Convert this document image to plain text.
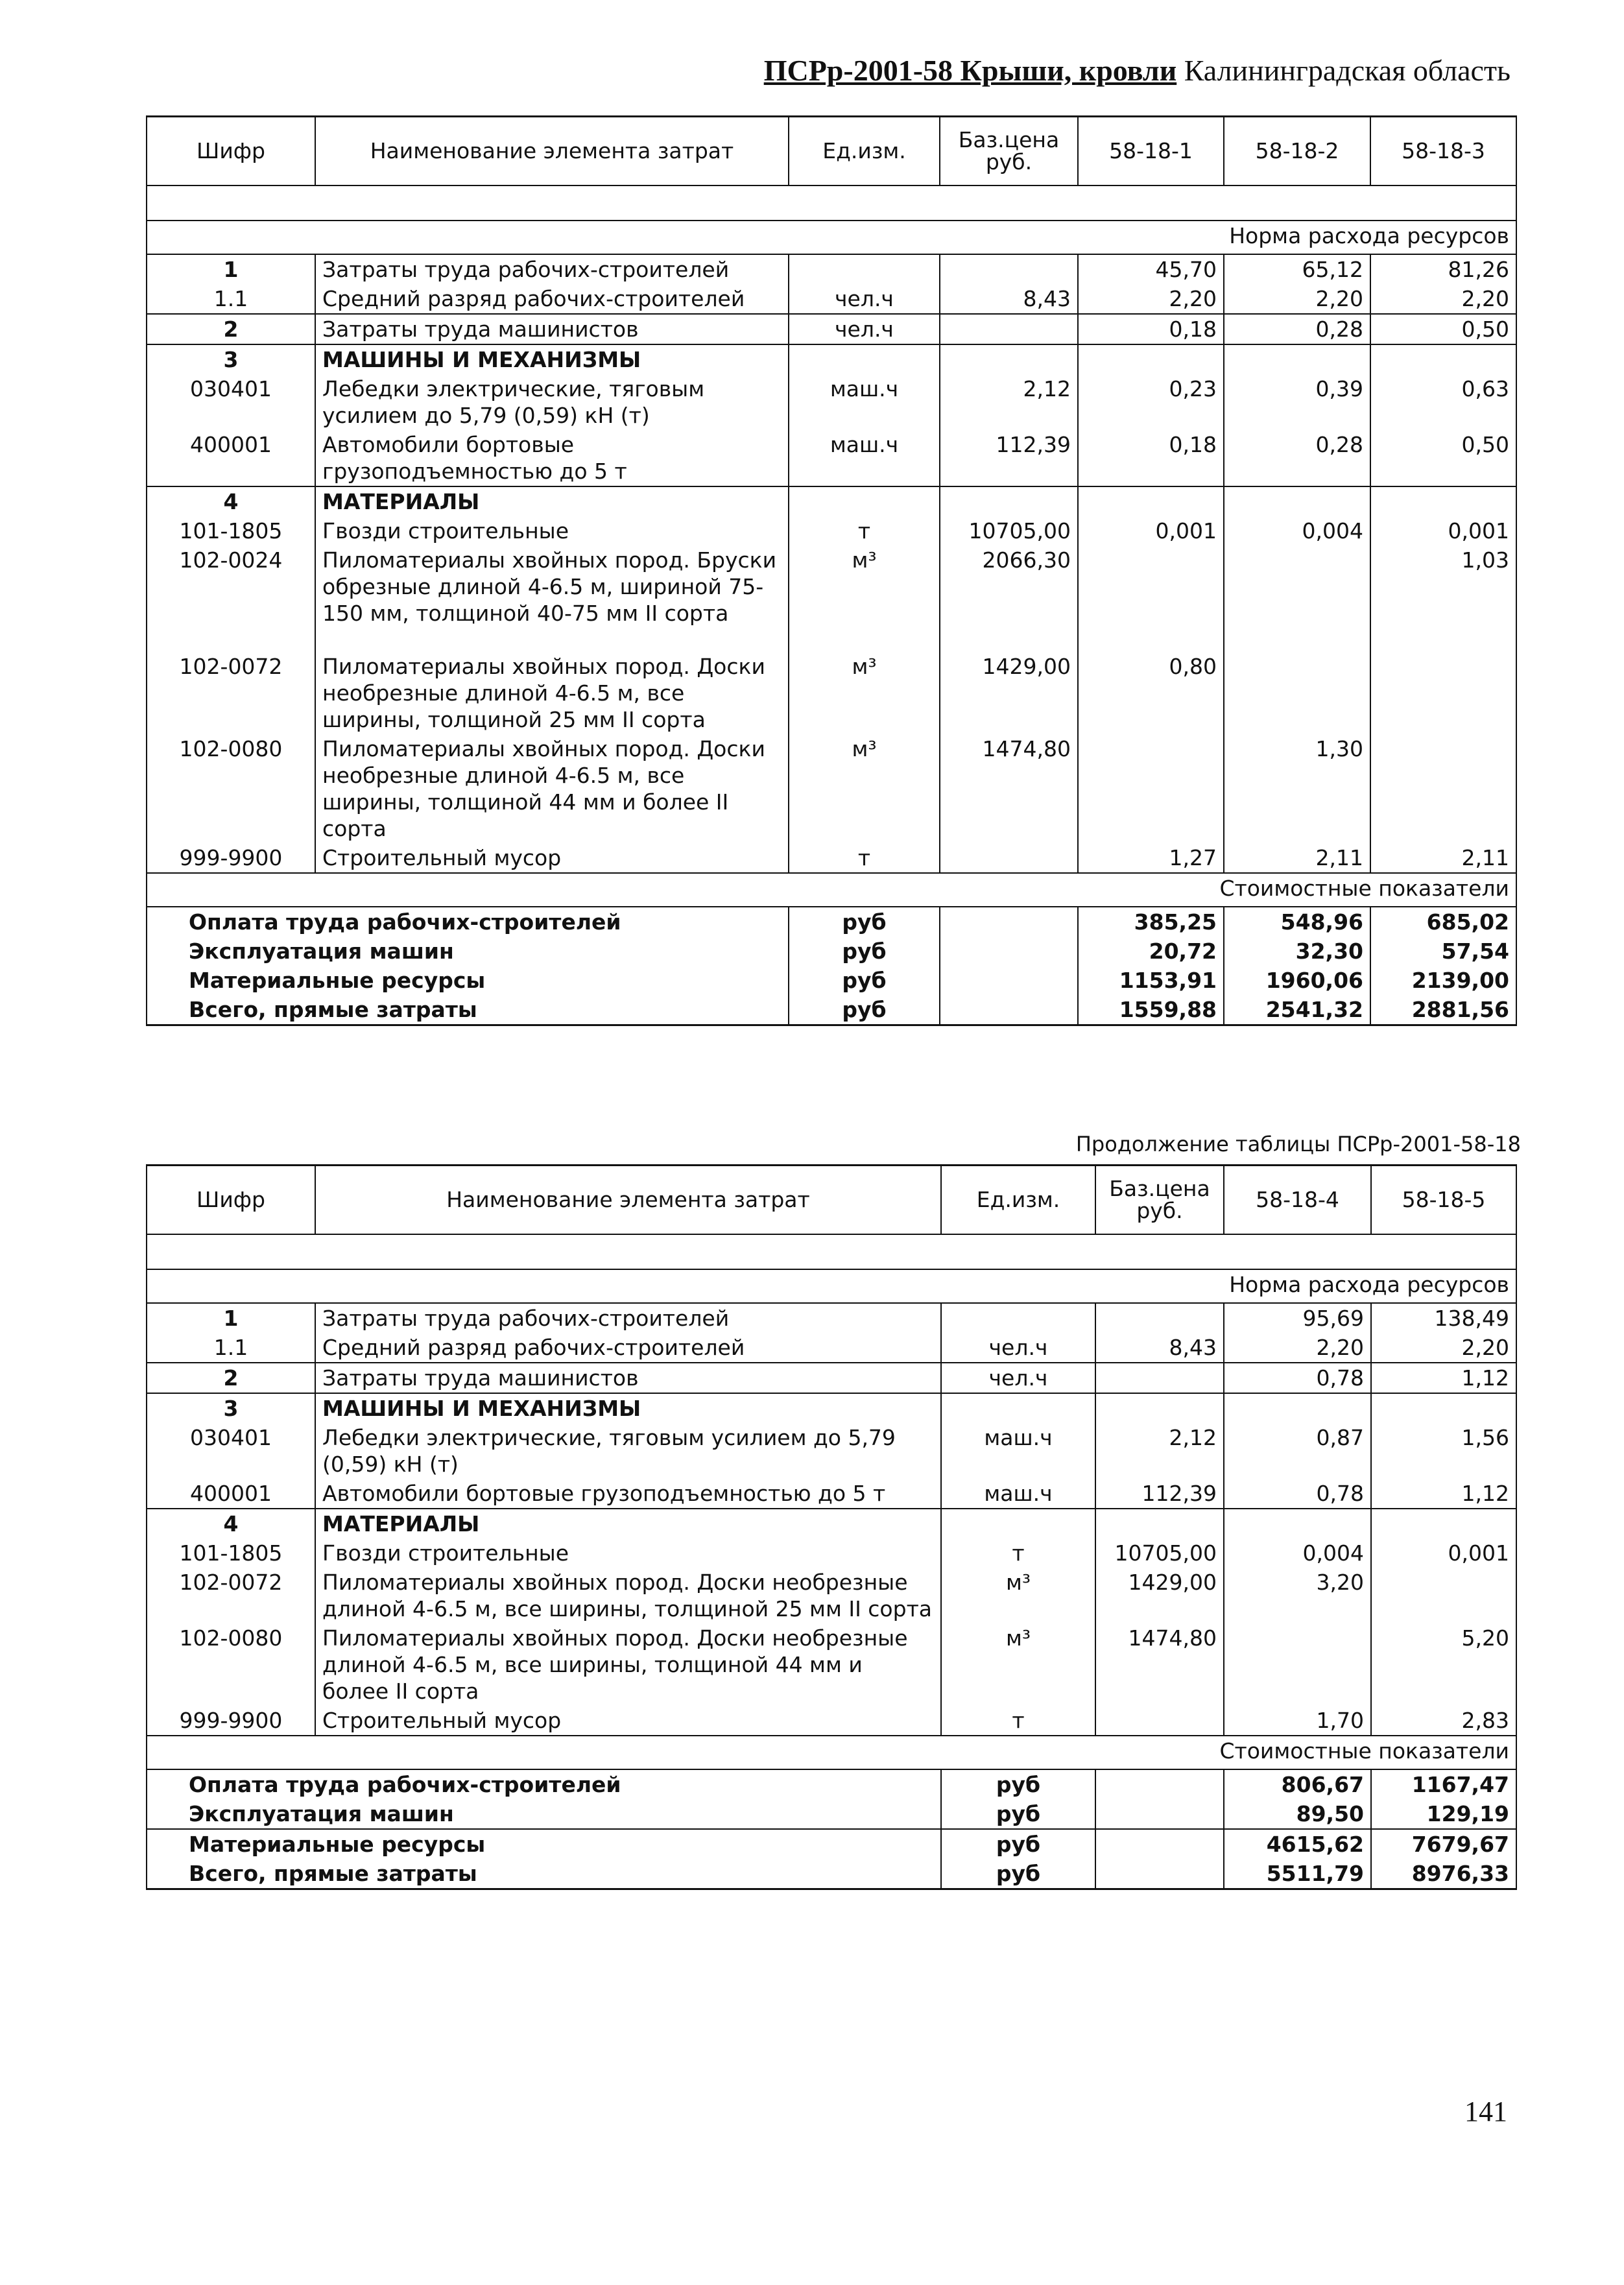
ПСРр-2001-58 Крыши, кровли Калининградская область
Шифр	Наименование элемента затрат	Ед.изм.	Баз.цена руб.	58-18-1	58-18-2	58-18-3

Норма расхода ресурсов						
1	Затраты труда рабочих-строителей			45,70	65,12	81,26
1.1	Средний разряд рабочих-строителей	чел.ч	8,43	2,20	2,20	2,20
2	Затраты труда машинистов	чел.ч		0,18	0,28	0,50
3	МАШИНЫ И МЕХАНИЗМЫ					
030401	Лебедки электрические, тяговым усилием до 5,79 (0,59) кН (т)	маш.ч	2,12	0,23	0,39	0,63
400001	Автомобили бортовые грузоподъемностью до 5 т	маш.ч	112,39	0,18	0,28	0,50
4	МАТЕРИАЛЫ					
101-1805	Гвозди строительные	т	10705,00	0,001	0,004	0,001
102-0024	Пиломатериалы хвойных пород. Бруски обрезные длиной 4-6.5 м, шириной 75-150 мм, толщиной 40-75 мм II сорта	м³	2066,30			1,03
102-0072	Пиломатериалы хвойных пород. Доски необрезные длиной 4-6.5 м, все ширины, толщиной 25 мм II сорта	м³	1429,00	0,80		
102-0080	Пиломатериалы хвойных пород. Доски необрезные длиной 4-6.5 м, все ширины, толщиной 44 мм и более II сорта	м³	1474,80		1,30	
999-9900	Строительный мусор	т		1,27	2,11	2,11
Стоимостные показатели						
Оплата труда рабочих-строителей		руб		385,25	548,96	685,02
Эксплуатация машин		руб		20,72	32,30	57,54
Материальные ресурсы		руб		1153,91	1960,06	2139,00
Всего, прямые затраты		руб		1559,88	2541,32	2881,56
Продолжение таблицы ПСРр-2001-58-18
Шифр	Наименование элемента затрат	Ед.изм.	Баз.цена руб.	58-18-4	58-18-5

Норма расхода ресурсов					
1	Затраты труда рабочих-строителей			95,69	138,49
1.1	Средний разряд рабочих-строителей	чел.ч	8,43	2,20	2,20
2	Затраты труда машинистов	чел.ч		0,78	1,12
3	МАШИНЫ И МЕХАНИЗМЫ				
030401	Лебедки электрические, тяговым усилием до 5,79 (0,59) кН (т)	маш.ч	2,12	0,87	1,56
400001	Автомобили бортовые грузоподъемностью до 5 т	маш.ч	112,39	0,78	1,12
4	МАТЕРИАЛЫ				
101-1805	Гвозди строительные	т	10705,00	0,004	0,001
102-0072	Пиломатериалы хвойных пород. Доски необрезные длиной 4-6.5 м, все ширины, толщиной 25 мм II сорта	м³	1429,00	3,20	
102-0080	Пиломатериалы хвойных пород. Доски необрезные длиной 4-6.5 м, все ширины, толщиной 44 мм и более II сорта	м³	1474,80		5,20
999-9900	Строительный мусор	т		1,70	2,83
Стоимостные показатели					
Оплата труда рабочих-строителей		руб		806,67	1167,47
Эксплуатация машин		руб		89,50	129,19
Материальные ресурсы		руб		4615,62	7679,67
Всего, прямые затраты		руб		5511,79	8976,33
141
